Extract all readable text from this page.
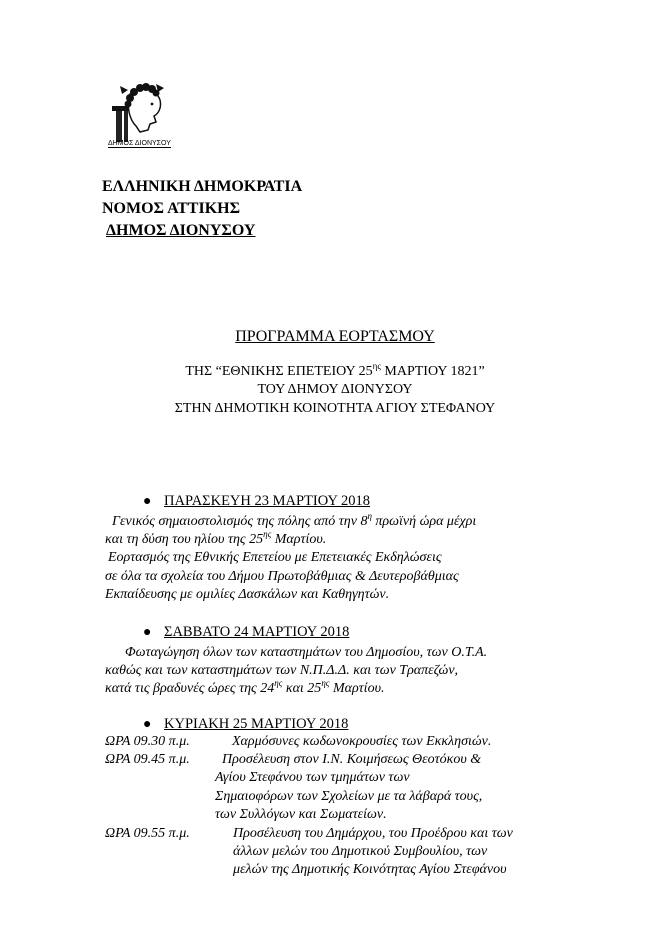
ΔΗΜΟΣ ΔΙΟΝΥΣΟΥ
ΕΛΛΗΝΙΚΗ ΔΗΜΟΚΡΑΤΙΑ
ΝΟΜΟΣ ΑΤΤΙΚΗΣ
ΔΗΜΟΣ ΔΙΟΝΥΣΟΥ
ΠΡΟΓΡΑΜΜΑ ΕΟΡΤΑΣΜΟΥ
ΤΗΣ “ΕΘΝΙΚΗΣ ΕΠΕΤΕΙΟΥ $25^{\eta\varsigma}$ ΜΑΡΤΙΟΥ 1821”
ΤΟΥ ΔΗΜΟΥ ΔΙΟΝΥΣΟΥ
ΣΤΗΝ ΔΗΜΟΤΙΚΗ ΚΟΙΝΟΤΗΤΑ ΑΓΙΟΥ ΣΤΕΦΑΝΟΥ
● ΠΑΡΑΣΚΕΥΗ 23 ΜΑΡΤΙΟΥ 2018
Γενικός σημαιοστολισμός της πόλης από την $8^\eta$ πρωϊνή ώρα μέχρι
και τη δύση του ηλίου της $25^{\eta\varsigma}$ Μαρτίου.
Εορτασμός της Εθνικής Επετείου με Επετειακές Εκδηλώσεις
σε όλα τα σχολεία του Δήμου Πρωτοβάθμιας & Δευτεροβάθμιας
Εκπαίδευσης με ομιλίες Δασκάλων και Καθηγητών.
● ΣΑΒΒΑΤΟ 24 ΜΑΡΤΙΟΥ 2018
Φωταγώγηση όλων των καταστημάτων του Δημοσίου, των Ο.Τ.Α.
καθώς και των καταστημάτων των Ν.Π.Δ.Δ. και των Τραπεζών,
κατά τις βραδυνές ώρες της $24^{\eta\varsigma}$ και $25^{\eta\varsigma}$ Μαρτίου.
● ΚΥΡΙΑΚΗ 25 ΜΑΡΤΙΟΥ 2018
ΩΡΑ 09.30 π.μ.	Χαρμόσυνες κωδωνοκρουσίες των Εκκλησιών.
ΩΡΑ 09.45 π.μ. Προσέλευση στον Ι.Ν. Κοιμήσεως Θεοτόκου &
Αγίου Στεφάνου των τμημάτων των
Σημαιοφόρων των Σχολείων με τα λάβαρά τους,
των Συλλόγων και Σωματείων.
ΩΡΑ 09.55 π.μ.	Προσέλευση του Δημάρχου, του Προέδρου και των
άλλων μελών του Δημοτικού Συμβουλίου, των
μελών της Δημοτικής Κοινότητας Αγίου Στεφάνου
